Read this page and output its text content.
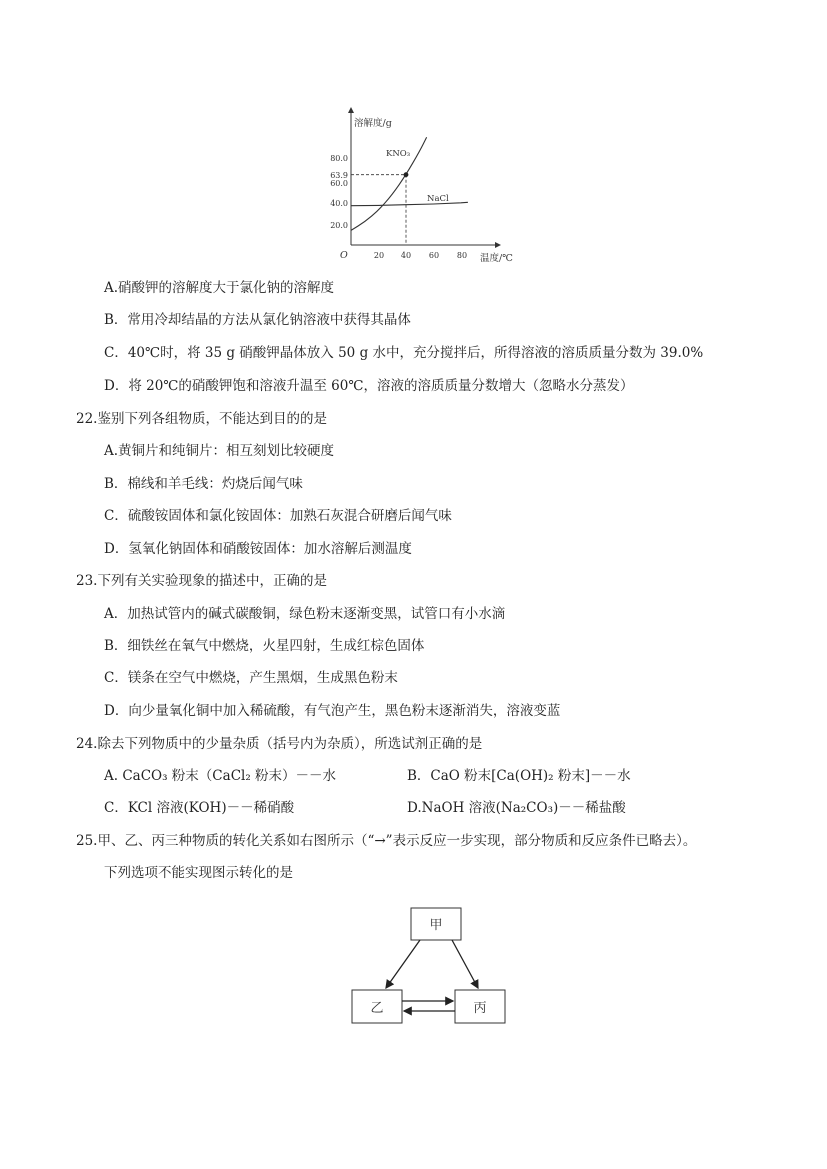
溶解度/g
温度/℃
O
80.0
63.9
60.0
40.0
20.0
20 40 60 80
KNO₃
NaCl
A.硝酸钾的溶解度大于氯化钠的溶解度
B．常用冷却结晶的方法从氯化钠溶液中获得其晶体
C．40℃时，将 35 g 硝酸钾晶体放入 50 g 水中，充分搅拌后，所得溶液的溶质质量分数为 39.0%
D．将 20℃的硝酸钾饱和溶液升温至 60℃，溶液的溶质质量分数增大（忽略水分蒸发）
22.鉴别下列各组物质，不能达到目的的是
A.黄铜片和纯铜片：相互刻划比较硬度
B．棉线和羊毛线：灼烧后闻气味
C．硫酸铵固体和氯化铵固体：加熟石灰混合研磨后闻气味
D．氢氧化钠固体和硝酸铵固体：加水溶解后测温度
23.下列有关实验现象的描述中，正确的是
A．加热试管内的碱式碳酸铜，绿色粉末逐渐变黑，试管口有小水滴
B．细铁丝在氧气中燃烧，火星四射，生成红棕色固体
C．镁条在空气中燃烧，产生黑烟，生成黑色粉末
D．向少量氧化铜中加入稀硫酸，有气泡产生，黑色粉末逐渐消失，溶液变蓝
24.除去下列物质中的少量杂质（括号内为杂质），所选试剂正确的是
A. CaCO₃ 粉末（CaCl₂ 粉末）－－水	B．CaO 粉末[Ca(OH)₂ 粉末]－－水
C．KCl 溶液(KOH)－－稀硝酸	D.NaOH 溶液(Na₂CO₃)－－稀盐酸
25.甲、乙、丙三种物质的转化关系如右图所示（“→”表示反应一步实现，部分物质和反应条件已略去）。
下列选项不能实现图示转化的是
甲
乙	丙
